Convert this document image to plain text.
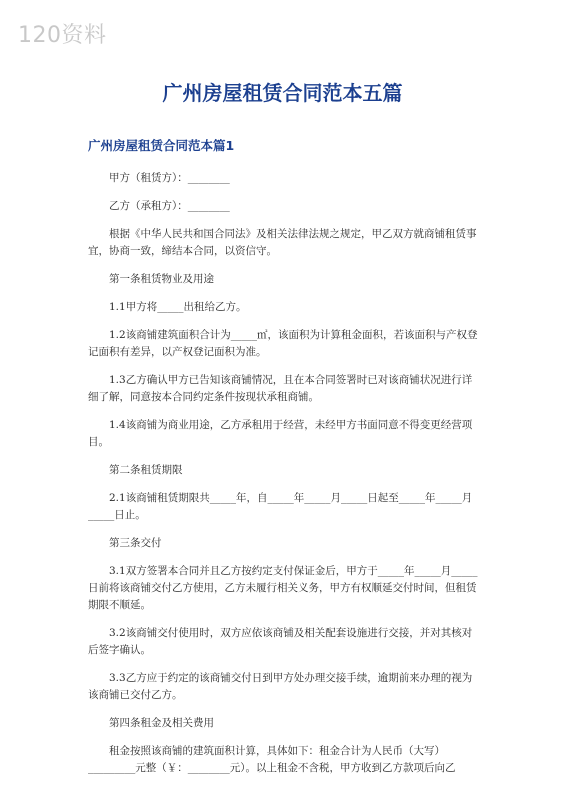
120资料
广州房屋租赁合同范本五篇
广州房屋租赁合同范本篇1

甲方（租赁方）：________

乙方（承租方）：________

根据《中华人民共和国合同法》及相关法律法规之规定，甲乙双方就商铺租赁事宜，协商一致，缔结本合同，以资信守。

第一条租赁物业及用途

1.1甲方将_____出租给乙方。

1.2该商铺建筑面积合计为_____㎡，该面积为计算租金面积，若该面积与产权登记面积有差异，以产权登记面积为准。

1.3乙方确认甲方已告知该商铺情况，且在本合同签署时已对该商铺状况进行详细了解，同意按本合同约定条件按现状承租商铺。

1.4该商铺为商业用途，乙方承租用于经营，未经甲方书面同意不得变更经营项目。

第二条租赁期限

2.1该商铺租赁期限共_____年，自_____年_____月_____日起至_____年_____月_____日止。

第三条交付

3.1双方签署本合同并且乙方按约定支付保证金后，甲方于_____年_____月_____日前将该商铺交付乙方使用，乙方未履行相关义务，甲方有权顺延交付时间，但租赁期限不顺延。

3.2该商铺交付使用时，双方应依该商铺及相关配套设施进行交接，并对其核对后签字确认。

3.3乙方应于约定的该商铺交付日到甲方处办理交接手续，逾期前来办理的视为该商铺已交付乙方。

第四条租金及相关费用

租金按照该商铺的建筑面积计算，具体如下：租金合计为人民币（大写）_________元整（￥：________元）。以上租金不含税，甲方收到乙方款项后向乙
